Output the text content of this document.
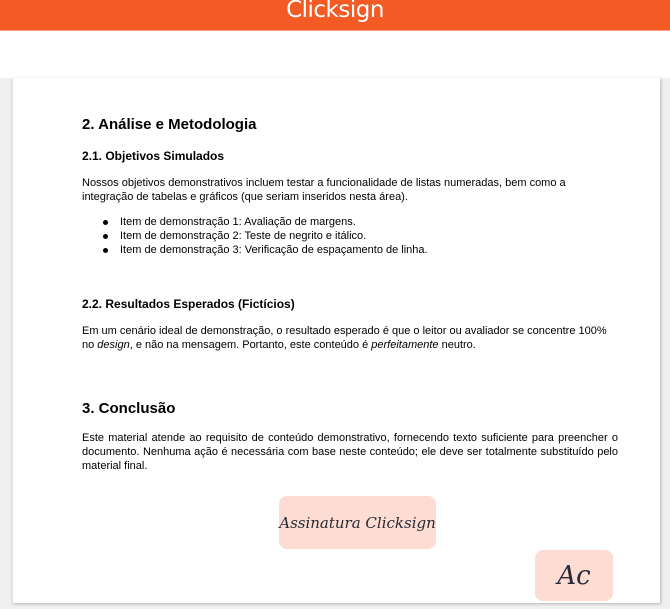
Clicksign
2. Análise e Metodologia
2.1. Objetivos Simulados

Nossos objetivos demonstrativos incluem testar a funcionalidade de listas numeradas, bem como a integração de tabelas e gráficos (que seriam inseridos nesta área).

Item de demonstração 1: Avaliação de margens.
Item de demonstração 2: Teste de negrito e itálico.
Item de demonstração 3: Verificação de espaçamento de linha.
2.2. Resultados Esperados (Fictícios)

Em um cenário ideal de demonstração, o resultado esperado é que o leitor ou avaliador se concentre 100% no design, e não na mensagem. Portanto, este conteúdo é perfeitamente neutro.

3. Conclusão

Este material atende ao requisito de conteúdo demonstrativo, fornecendo texto suficiente para preencher o documento. Nenhuma ação é necessária com base neste conteúdo; ele deve ser totalmente substituído pelo material final.

Assinatura Clicksign
Ac
